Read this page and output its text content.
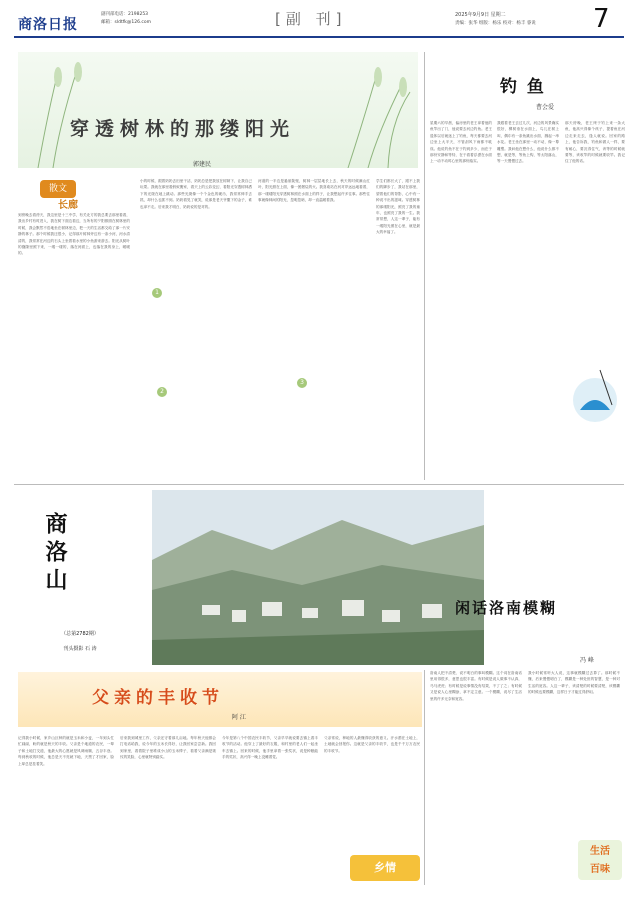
商洛日报
副刊部电话：2198253
邮箱：sldtfk@126.com	[副 刊]	2025年9月9日 星期二
责编：张华 组版：杨乐 校对：杨丰 睿说 7
穿透树林的那缕阳光
郭建民
散文
长廊
到傍晚去看傍天，我这里是十三中学，有关北方的我总要去那里看看，我出乡村有时进入，我在树下面边看边，当所有的夕阳都照在树林里的时候，我会默然不语地坐在树林里边，把一天的生活都交给了那一片安静的林子。那个时候我还很小，记得那片树林旁边有一条小河，河水清清的，我常常在河边的石头上坐着看水里的小鱼游来游去。阳光从树叶的缝隙里照下来，一缕一缕的，落在河面上，也落在我的身上，暖暖的。
小的时候，跟着奶奶去田里干活，奶奶总是把我放在树荫下，让我自己玩耍。我就在那里看蚂蚁搬家，看天上的云彩变幻，看阳光穿透树林洒下的光斑在地上跳动。那些光斑像一个个金色的硬币，我常常伸手去抓，却什么也抓不到。奶奶看见了就笑，说那是老天爷撒下的金子，谁也拿不走。后来我才明白，奶奶说的是对的。
河道的一半边是悬崖陡壁，树林一层层地长上去，秋天的时候满山红叶，阳光照在上面，像一团燃烧的火。我喜欢站在河对岸远远地看着，那一缕缕阳光穿透树林照在水面上的样子，让我想起许多往事。那些往事就像林间的阳光，忽明忽暗，却一直温暖着我。
学生们都长大了，跟不上我们的脚步了，我站在那里，望着他们的背影，心中有一种说不出的滋味。穿透树林的那缕阳光，照亮了我的童年，也照亮了我的一生。我常常想，人这一辈子，能有一缕阳光照在心里，就是最大的幸福了。
1
2
3
钓 鱼
曹会爱
星期六的早晨，偏房里的老王拿着他的鱼竿出了门，他说要去河边钓鱼。老王退休以后就迷上了钓鱼，每天都要去河边坐上大半天，不管刮风下雨都不耽误。他说钓鱼不在于钓到多少，而在于那份安静和等待，在于看着浮漂在水面上一动不动时心里的那份踏实。
我跟着老王去过几次，河边的风景确实很好，柳树垂在水面上，鸟儿在树上叫，偶尔有一条鱼跳出水面，溅起一串水花。老王坐在那里一动不动，像一尊雕塑。我问他在想什么，他说什么都不想，就是等，等鱼上钩，等太阳落山，等一天慢慢过去。
那天傍晚，老王终于钓上来一条大鱼，他高兴得像个孩子，提着鱼在河边走来走去，逢人就说。回家的路上，他告诉我，钓鱼和做人一样，要有耐心，要沉得住气，该等的时候就要等，该收竿的时候就要收竿。我记住了他的话。
商洛山
（总第2782期）
刊头摄影 石 涛
父亲的丰收节
阿 江
记得我小时候，家乡山区种的就是玉米和小麦，一年到头忙忙碌碌，盼的就是秋天的丰收。父亲是个地道的农民，一辈子和土地打交道，他最大的心愿就是风调雨顺，五谷丰登。每到秋收的时候，他总是天不亮就下地，天黑了才回家，脸上却总是挂着笑。
后来我到城里工作，父亲还守着那几亩地。每年秋天他都会打电话给我，说今年的玉米长得好，让我回家尝尝新。我回到家里，看着院子里堆成小山的玉米棒子，看着父亲满是皱纹的笑脸，心里就特别踏实。
今年是第八个中国农民丰收节，父亲早早就说要去镇上看丰收节的活动。他穿上了最好的衣服，和村里的老人们一起坐车去镇上。回来的时候，他手里拿着一张奖状，说是种粮能手的奖状，高兴得一晚上没睡着觉。
父亲常说，种地的人最懂得收获的意义。汗水洒在土地上，土地就会回报你。这就是父亲的丰收节，也是千千万万农民的丰收节。
乡情
闲话洛南模糊
冯 峰
洛南人把不清楚、说不明白的事叫模糊。这个词在洛南话里用得很多，意思也很丰富。有时候是说人做事不认真，马马虎虎；有时候是说事情没有结果，不了了之；有时候又是说人心里糊涂，拿不定主意。一个模糊，说尽了生活里的许多无奈和宽容。
我小时候常听大人说，这事就模糊过去算了。那时候不懂，后来慢慢明白了，模糊是一种处世的智慧，是一种对生活的宽容。人这一辈子，该清楚的时候要清楚，该模糊的时候也要模糊，这样日子才能过得舒坦。
生活
百味
